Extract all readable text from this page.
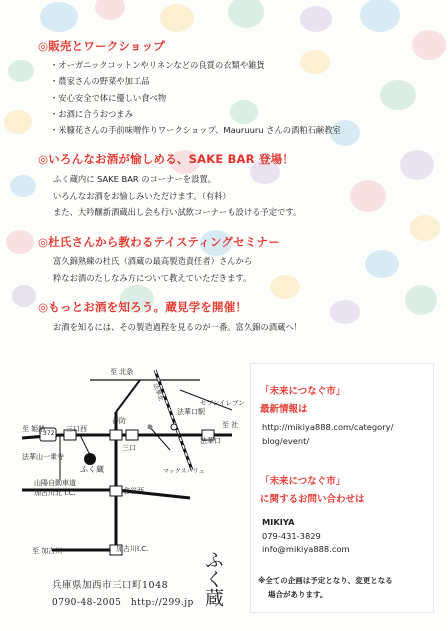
◎販売とワークショップ
・オーガニックコットンやリネンなどの良質の衣類や雑貨
・農家さんの野菜や加工品
・安心安全で体に優しい食べ物
・お酒に合うおつまみ
・米糠花さんの手前味噌作りワークショップ、Mauruuru さんの酒粕石鹸教室
◎いろんなお酒が愉しめる、SAKE BAR 登場！
ふく蔵内に SAKE BAR のコーナーを設置。
いろんなお酒をお愉しみいただけます。（有料）
また、大吟醸新酒蔵出し会も行い試飲コーナーも設ける予定です。
◎杜氏さんから教わるテイスティングセミナー
富久錦熟練の杜氏（酒蔵の最高製造責任者）さんから
粋なお酒のたしなみ方について教えていただきます。
◎もっとお酒を知ろう。蔵見学を開催！
お酒を知るには、その製造過程を見るのが一番。富久錦の酒蔵へ！
至 北条
法華北
セブンイレブン
法華口駅
至 社
至 姫路	三口西
善防
372
三口
法華口
法華山一乗寺
ふく蔵	マックスバリュ
山陽自動車道
加古川北 I.C.	倉谷西
加古川I.C.
至 加古川	ふく蔵
兵庫県加西市三口町1048
0790-48-2005　http://299.jp
「未来につなぐ市」
最新情報は
http://mikiya888.com/category/
blog/event/
「未来につなぐ市」
に関するお問い合わせは
MIKIYA
079-431-3829
info@mikiya888.com
※全ての企画は予定となり、変更となる
場合があります。
